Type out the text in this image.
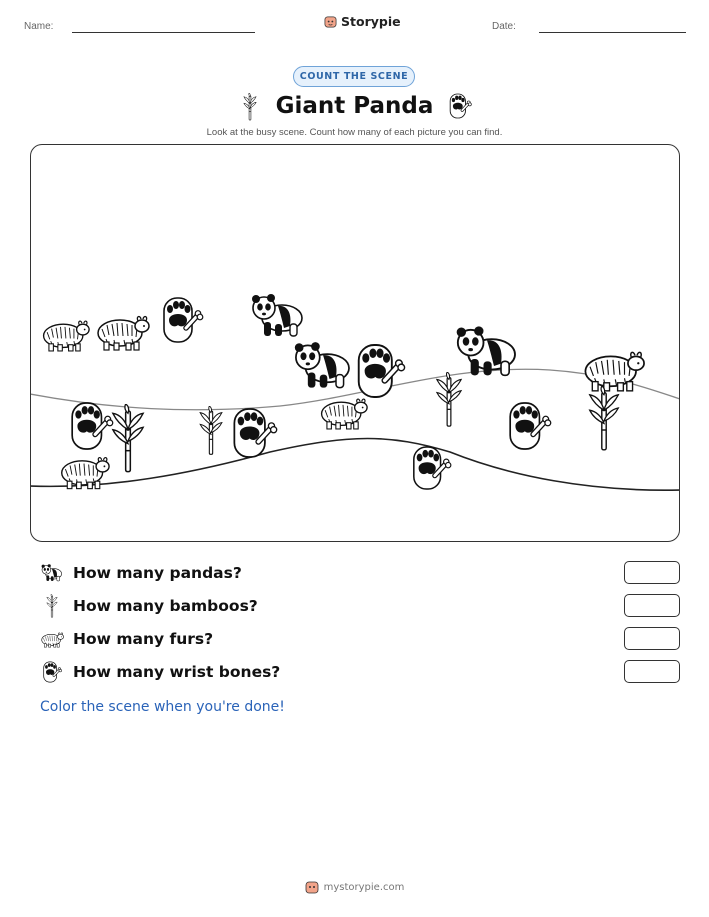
Name:	Storypie	Date:
COUNT THE SCENE
Giant Panda
Look at the busy scene. Count how many of each picture you can find.
How many pandas?
How many bamboos?
How many furs?
How many wrist bones?
Color the scene when you're done!
mystorypie.com
